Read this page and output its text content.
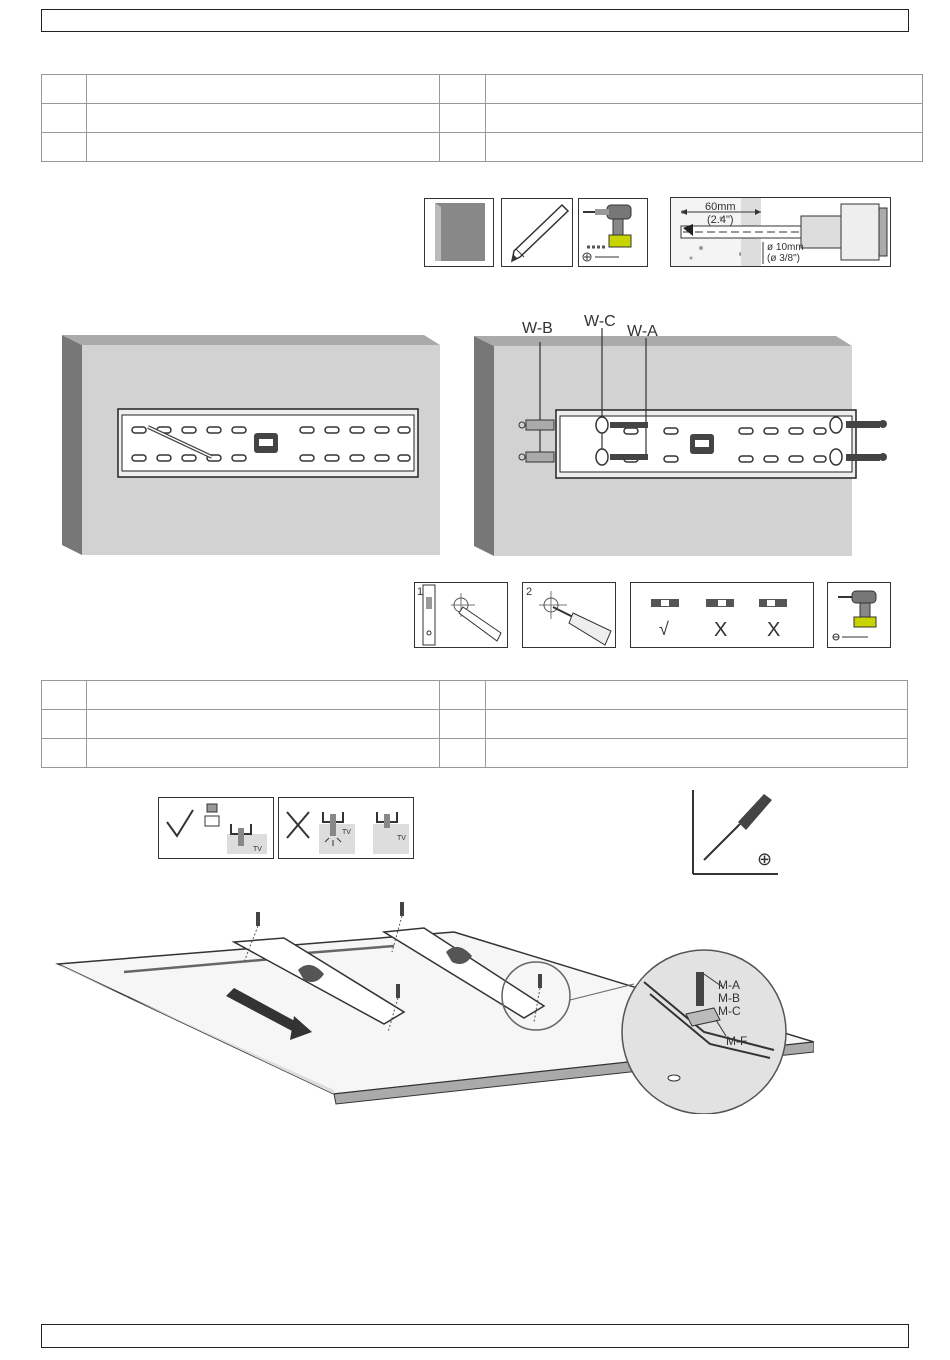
60mm
(2.4")
ø 10mm
(ø 3/8")
W-B W-C
W-A
1	2
√ X X

TV
TV
TV
⊕
M-A
M-B
M-C
M-F
